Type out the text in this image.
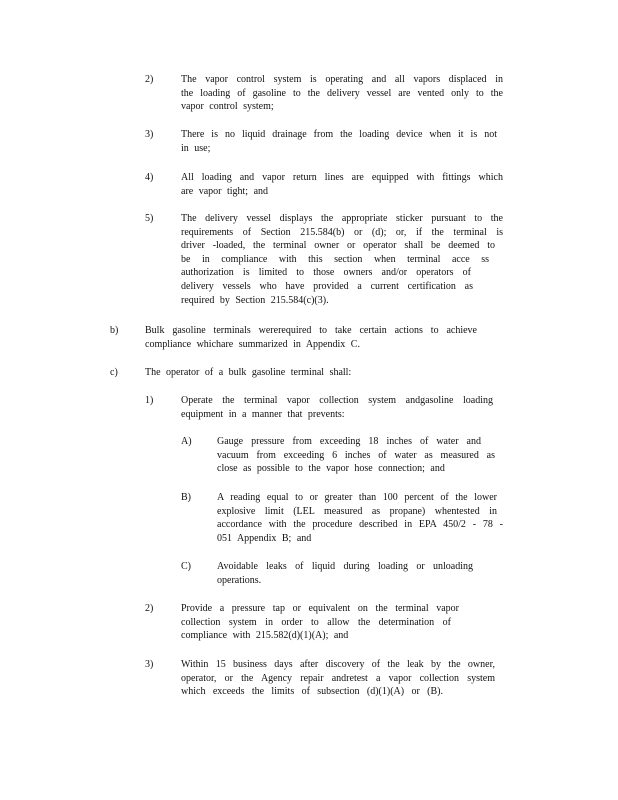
2)	The vapor control system is operating and all vapors displaced in
the loading of gasoline to the delivery vessel are vented only to the
vapor control system;
3)	There is no liquid drainage from the loading device when it is not
in use;
4)	All loading and vapor return lines are equipped with fittings which
are vapor tight; and
5)	The delivery vessel displays the appropriate sticker pursuant to the
requirements of Section 215.584(b) or (d); or, if the terminal is
driver -loaded, the terminal owner or operator shall be deemed to
be in compliance with this section when terminal acce ss
authorization is limited to those owners and/or operators of
delivery vessels who have provided a current certification as
required by Section 215.584(c)(3).
b)	Bulk gasoline terminals wererequired to take certain actions to achieve
compliance whichare summarized in Appendix C.
c)	The operator of a bulk gasoline terminal shall:
1)	Operate the terminal vapor collection system andgasoline loading
equipment in a manner that prevents:
A)	Gauge pressure from exceeding 18 inches of water and
vacuum from exceeding 6 inches of water as measured as
close as possible to the vapor hose connection; and
B)	A reading equal to or greater than 100 percent of the lower
explosive limit (LEL measured as propane) whentested in
accordance with the procedure described in EPA 450/2 - 78 -
051 Appendix B; and
C)	Avoidable leaks of liquid during loading or unloading
operations.
2)	Provide a pressure tap or equivalent on the terminal vapor
collection system in order to allow the determination of
compliance with 215.582(d)(1)(A); and
3)	Within 15 business days after discovery of the leak by the owner,
operator, or the Agency repair andretest a vapor collection system
which exceeds the limits of subsection (d)(1)(A) or (B).
